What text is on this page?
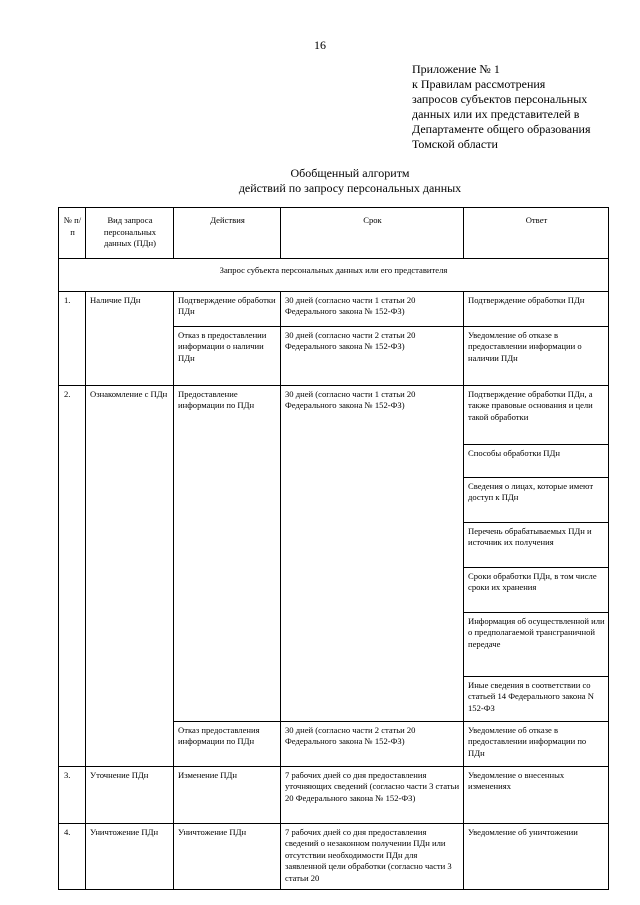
16
Приложение № 1
к Правилам рассмотрения
запросов субъектов персональных
данных или их представителей в
Департаменте общего образования
Томской области
Обобщенный алгоритм
действий по запросу персональных данных
№ п/п	Вид запроса персональных данных (ПДн)	Действия	Срок	Ответ
Запрос субъекта персональных данных или его представителя				
1.	Наличие ПДн	Подтверждение обработки ПДн	30 дней (согласно части 1 статьи 20 Федерального закона № 152-ФЗ)	Подтверждение обработки ПДн
		Отказ в предоставлении информации о наличии ПДн	30 дней (согласно части 2 статьи 20 Федерального закона № 152-ФЗ)	Уведомление об отказе в предоставлении информации о наличии ПДн
2.	Ознакомление с ПДн	Предоставление информации по ПДн	30 дней (согласно части 1 статьи 20 Федерального закона № 152-ФЗ)	Подтверждение обработки ПДн, а также правовые основания и цели такой обработки
				Способы обработки ПДн
				Сведения о лицах, которые имеют доступ к ПДн
				Перечень обрабатываемых ПДн и источник их получения
				Сроки обработки ПДн, в том числе сроки их хранения
				Информация об осуществленной или о предполагаемой трансграничной передаче
				Иные сведения в соответствии со статьей 14 Федерального закона N 152-ФЗ
		Отказ предоставления информации по ПДн	30 дней (согласно части 2 статьи 20 Федерального закона № 152-ФЗ)	Уведомление об отказе в предоставлении информации по ПДн
3.	Уточнение ПДн	Изменение ПДн	7 рабочих дней со дня предоставления уточняющих сведений (согласно части 3 статьи 20 Федерального закона № 152-ФЗ)	Уведомление о внесенных изменениях
4.	Уничтожение ПДн	Уничтожение ПДн	7 рабочих дней со дня предоставления сведений о незаконном получении ПДн или отсутствии необходимости ПДн для заявленной цели обработки (согласно части 3 статьи 20	Уведомление об уничтожении
